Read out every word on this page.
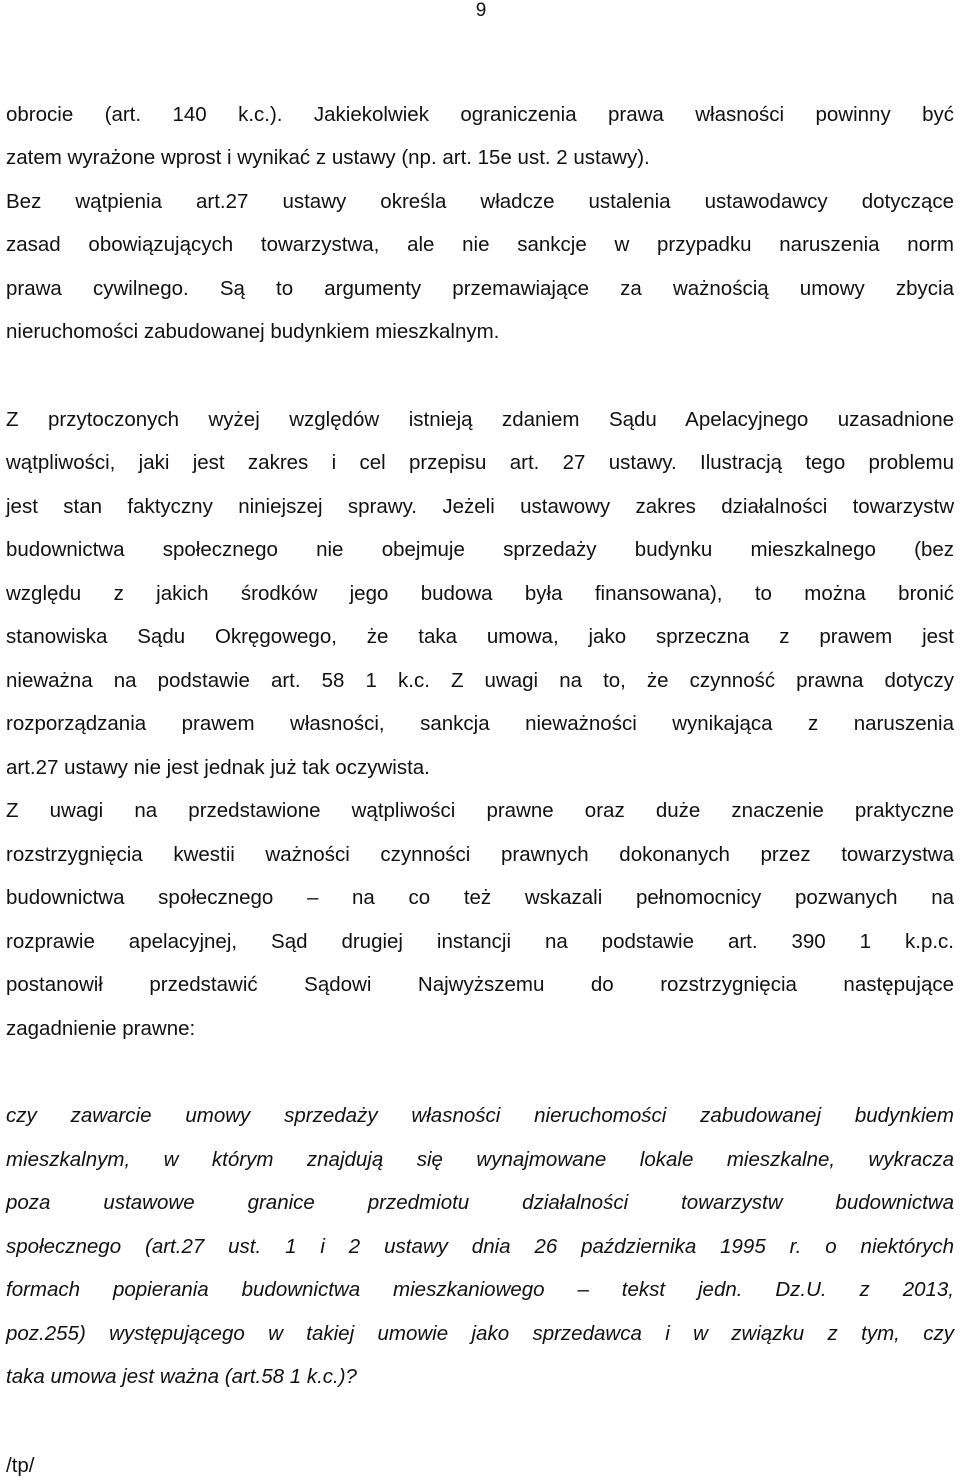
9
obrocie (art. 140 k.c.). Jakiekolwiek ograniczenia prawa własności powinny być
zatem wyrażone wprost i wynikać z ustawy (np. art. 15e ust. 2 ustawy).
Bez wątpienia art.27 ustawy określa władcze ustalenia ustawodawcy dotyczące
zasad obowiązujących towarzystwa, ale nie sankcje w przypadku naruszenia norm
prawa cywilnego. Są to argumenty przemawiające za ważnością umowy zbycia
nieruchomości zabudowanej budynkiem mieszkalnym.
Z przytoczonych wyżej względów istnieją zdaniem Sądu Apelacyjnego uzasadnione
wątpliwości, jaki jest zakres i cel przepisu art. 27 ustawy. Ilustracją tego problemu
jest stan faktyczny niniejszej sprawy. Jeżeli ustawowy zakres działalności towarzystw
budownictwa społecznego nie obejmuje sprzedaży budynku mieszkalnego (bez
względu z jakich środków jego budowa była finansowana), to można bronić
stanowiska Sądu Okręgowego, że taka umowa, jako sprzeczna z prawem jest
nieważna na podstawie art. 58 1 k.c. Z uwagi na to, że czynność prawna dotyczy
rozporządzania prawem własności, sankcja nieważności wynikająca z naruszenia
art.27 ustawy nie jest jednak już tak oczywista.
Z uwagi na przedstawione wątpliwości prawne oraz duże znaczenie praktyczne
rozstrzygnięcia kwestii ważności czynności prawnych dokonanych przez towarzystwa
budownictwa społecznego – na co też wskazali pełnomocnicy pozwanych na
rozprawie apelacyjnej, Sąd drugiej instancji na podstawie art. 390 1 k.p.c.
postanowił przedstawić Sądowi Najwyższemu do rozstrzygnięcia następujące
zagadnienie prawne:
czy zawarcie umowy sprzedaży własności nieruchomości zabudowanej budynkiem
mieszkalnym, w którym znajdują się wynajmowane lokale mieszkalne, wykracza
poza ustawowe granice przedmiotu działalności towarzystw budownictwa
społecznego (art.27 ust. 1 i 2 ustawy dnia 26 października 1995 r. o niektórych
formach popierania budownictwa mieszkaniowego – tekst jedn. Dz.U. z 2013,
poz.255) występującego w takiej umowie jako sprzedawca i w związku z tym, czy
taka umowa jest ważna (art.58 1 k.c.)?
/tp/
